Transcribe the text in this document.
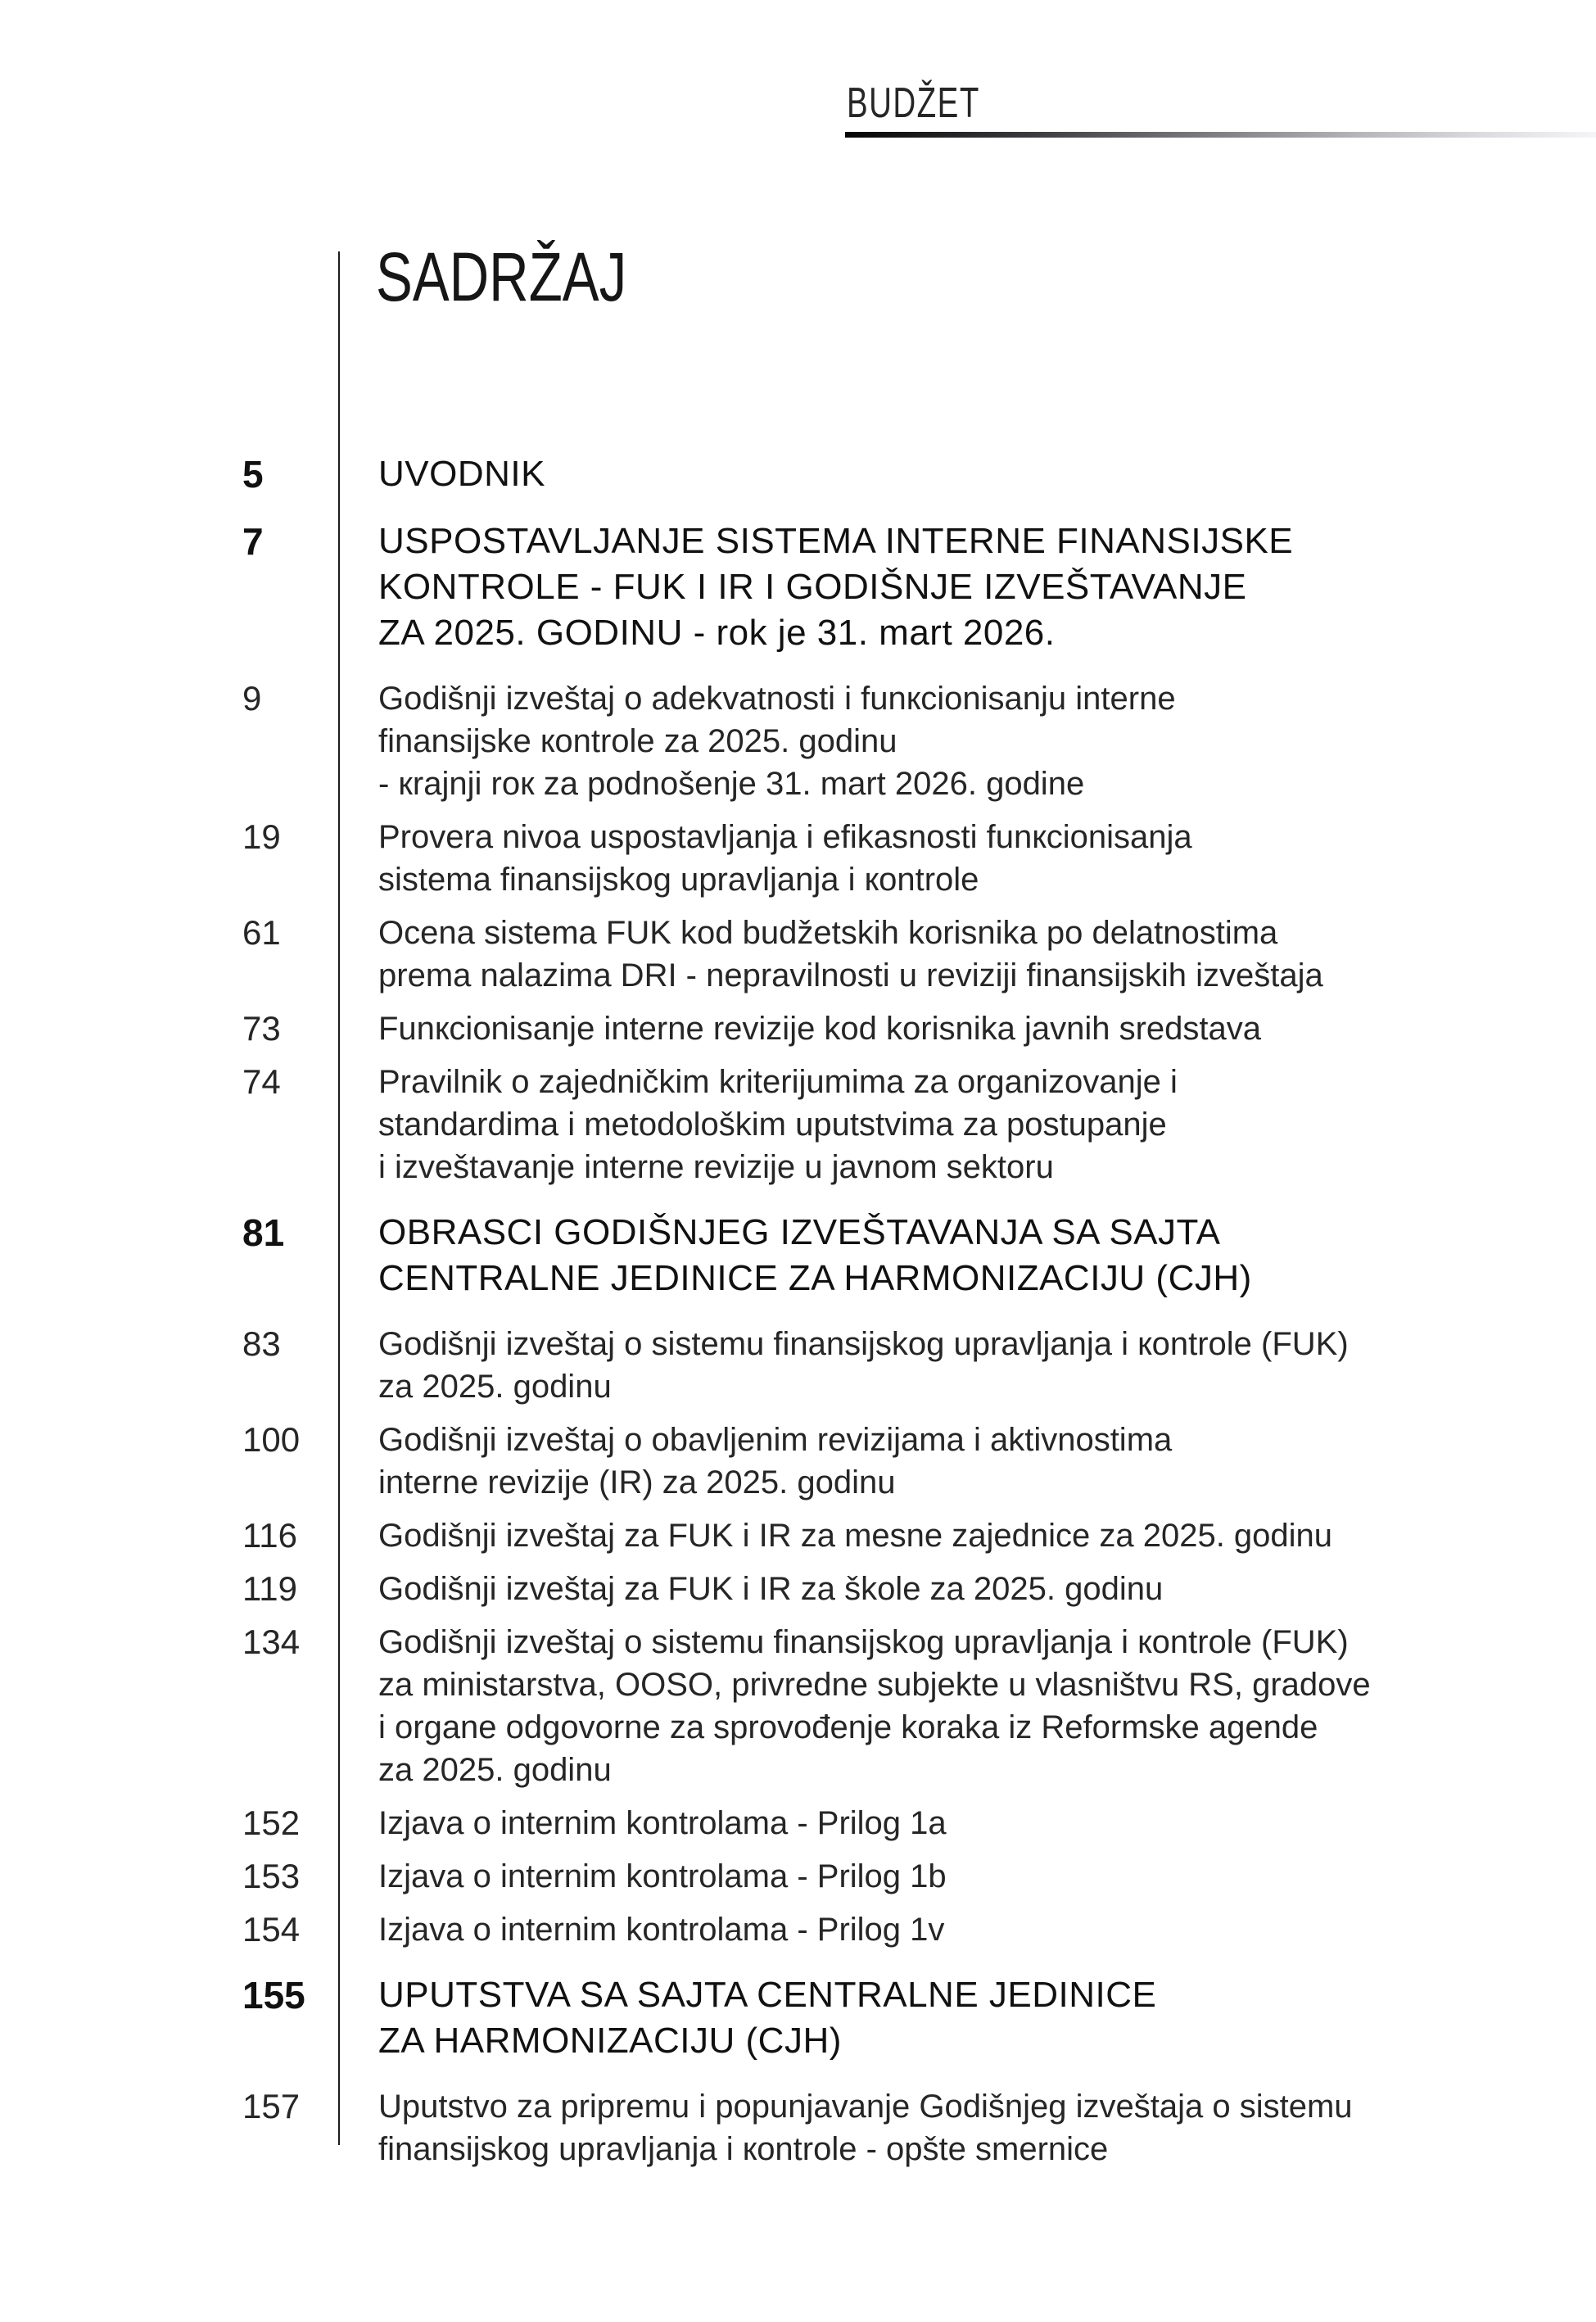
BUDŽET
SADRŽAJ
5	UVODNIK
7	USPOSTAVLJANJE SISTEMA INTERNE FINANSIJSKE
KONTROLE - FUK I IR I GODIŠNJE IZVEŠTAVANJE
ZA 2025. GODINU - rok je 31. mart 2026.
9	Godišnji izveštaj o adekvatnosti i funкcionisanju interne
finansijske кontrole za 2025. godinu
- кrajnji roк za podnošenje 31. mart 2026. godine
19	Provera nivoa uspostavljanja i efikasnosti funкcionisanja
sistema finansijskog upravljanja i кontrole
61	Ocena sistema FUK kod budžetskih korisnika po delatnostima
prema nalazima DRI - nepravilnosti u reviziji finansijskih izveštaja
73	Funкcionisanje interne revizije kod korisnika javnih sredstava
74	Pravilnik o zajedničkim kriterijumima za organizovanje i
standardima i metodološkim uputstvima za postupanje
i izveštavanje interne revizije u javnom sektoru
81	OBRASCI GODIŠNJEG IZVEŠTAVANJA SA SAJTA
CENTRALNE JEDINICE ZA HARMONIZACIJU (CJH)
83	Godišnji izveštaj o sistemu finansijskog upravljanja i кontrole (FUK)
za 2025. godinu
100 Godišnji izveštaj o obavljenim revizijama i aktivnostima
interne revizije (IR) za 2025. godinu
116 Godišnji izveštaj za FUK i IR za mesne zajednice za 2025. godinu
119 Godišnji izveštaj za FUK i IR za škole za 2025. godinu
134 Godišnji izveštaj o sistemu finansijskog upravljanja i кontrole (FUK)
za ministarstva, OOSO, privredne subjekte u vlasništvu RS, gradove
i organe odgovorne za sprovođenje koraka iz Reformske agende
za 2025. godinu
152 Izjava o internim kontrolama - Prilog 1a
153 Izjava o internim kontrolama - Prilog 1b
154 Izjava o internim kontrolama - Prilog 1v
155 UPUTSTVA SA SAJTA CENTRALNE JEDINICE
ZA HARMONIZACIJU (CJH)
157 Uputstvo za pripremu i popunjavanje Godišnjeg izveštaja o sistemu
finansijskog upravljanja i кontrole - opšte smernice
